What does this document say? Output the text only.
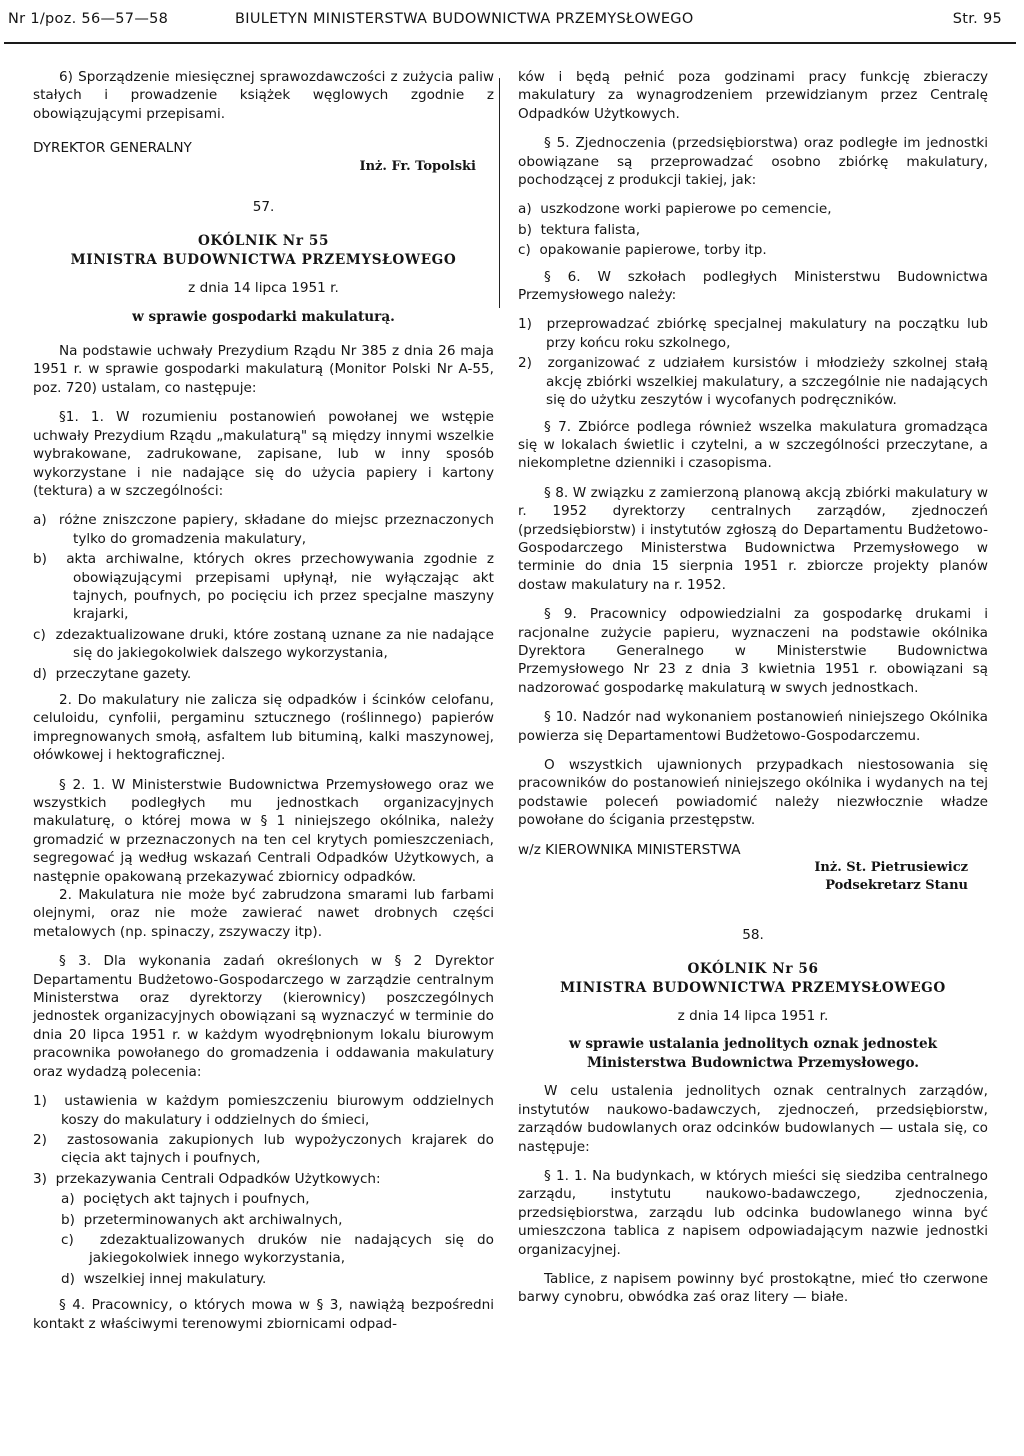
Nr 1/poz. 56—57—58	BIULETYN MINISTERSTWA BUDOWNICTWA PRZEMYSŁOWEGO	Str. 95

6) Sporządzenie miesięcznej sprawozdawczości z zużycia paliw stałych i prowadzenie książek węglowych zgodnie z obowiązującymi przepisami.

DYREKTOR GENERALNY

Inż. Fr. Topolski

57.

OKÓLNIK Nr 55

MINISTRA BUDOWNICTWA PRZEMYSŁOWEGO

z dnia 14 lipca 1951 r.

w sprawie gospodarki makulaturą.

Na podstawie uchwały Prezydium Rządu Nr 385 z dnia 26 maja 1951 r. w sprawie gospodarki makulaturą (Monitor Polski Nr A-55, poz. 720) ustalam, co następuje:

§1. 1. W rozumieniu postanowień powołanej we wstępie uchwały Prezydium Rządu „makulaturą" są między innymi wszelkie wybrakowane, zadrukowane, zapisane, lub w inny sposób wykorzystane i nie nadające się do użycia papiery i kartony (tektura) a w szczególności:

a) różne zniszczone papiery, składane do miejsc przeznaczonych tylko do gromadzenia makulatury,

b) akta archiwalne, których okres przechowywania zgodnie z obowiązującymi przepisami upłynął, nie wyłączając akt tajnych, poufnych, po pocięciu ich przez specjalne maszyny krajarki,

c) zdezaktualizowane druki, które zostaną uznane za nie nadające się do jakiegokolwiek dalszego wykorzystania,

d) przeczytane gazety.

2. Do makulatury nie zalicza się odpadków i ścinków celofanu, celuloidu, cynfolii, pergaminu sztucznego (roślinnego) papierów impregnowanych smołą, asfaltem lub bituminą, kalki maszynowej, ołówkowej i hektograficznej.

§ 2. 1. W Ministerstwie Budownictwa Przemysłowego oraz we wszystkich podległych mu jednostkach organizacyjnych makulaturę, o której mowa w § 1 niniejszego okólnika, należy gromadzić w przeznaczonych na ten cel krytych pomieszczeniach, segregować ją według wskazań Centrali Odpadków Użytkowych, a następnie opakowaną przekazywać zbiornicy odpadków.

2. Makulatura nie może być zabrudzona smarami lub farbami olejnymi, oraz nie może zawierać nawet drobnych części metalowych (np. spinaczy, zszywaczy itp).

§ 3. Dla wykonania zadań określonych w § 2 Dyrektor Departamentu Budżetowo-Gospodarczego w zarządzie centralnym Ministerstwa oraz dyrektorzy (kierownicy) poszczególnych jednostek organizacyjnych obowiązani są wyznaczyć w terminie do dnia 20 lipca 1951 r. w każdym wyodrębnionym lokalu biurowym pracownika powołanego do gromadzenia i oddawania makulatury oraz wydadzą polecenia:

1) ustawienia w każdym pomieszczeniu biurowym oddzielnych koszy do makulatury i oddzielnych do śmieci,

2) zastosowania zakupionych lub wypożyczonych krajarek do cięcia akt tajnych i poufnych,

3) przekazywania Centrali Odpadków Użytkowych:

a) pociętych akt tajnych i poufnych,

b) przeterminowanych akt archiwalnych,

c) zdezaktualizowanych druków nie nadających się do jakiegokolwiek innego wykorzystania,

d) wszelkiej innej makulatury.

§ 4. Pracownicy, o których mowa w § 3, nawiążą bezpośredni kontakt z właściwymi terenowymi zbiornicami odpad-

ków i będą pełnić poza godzinami pracy funkcję zbieraczy makulatury za wynagrodzeniem przewidzianym przez Centralę Odpadków Użytkowych.

§ 5. Zjednoczenia (przedsiębiorstwa) oraz podległe im jednostki obowiązane są przeprowadzać osobno zbiórkę makulatury, pochodzącej z produkcji takiej, jak:

a) uszkodzone worki papierowe po cemencie,

b) tektura falista,

c) opakowanie papierowe, torby itp.

§ 6. W szkołach podległych Ministerstwu Budownictwa Przemysłowego należy:

1) przeprowadzać zbiórkę specjalnej makulatury na początku lub przy końcu roku szkolnego,

2) zorganizować z udziałem kursistów i młodzieży szkolnej stałą akcję zbiórki wszelkiej makulatury, a szczególnie nie nadających się do użytku zeszytów i wycofanych podręczników.

§ 7. Zbiórce podlega również wszelka makulatura gromadząca się w lokalach świetlic i czytelni, a w szczególności przeczytane, a niekompletne dzienniki i czasopisma.

§ 8. W związku z zamierzoną planową akcją zbiórki makulatury w r. 1952 dyrektorzy centralnych zarządów, zjednoczeń (przedsiębiorstw) i instytutów zgłoszą do Departamentu Budżetowo-Gospodarczego Ministerstwa Budownictwa Przemysłowego w terminie do dnia 15 sierpnia 1951 r. zbiorcze projekty planów dostaw makulatury na r. 1952.

§ 9. Pracownicy odpowiedzialni za gospodarkę drukami i racjonalne zużycie papieru, wyznaczeni na podstawie okólnika Dyrektora Generalnego w Ministerstwie Budownictwa Przemysłowego Nr 23 z dnia 3 kwietnia 1951 r. obowiązani są nadzorować gospodarkę makulaturą w swych jednostkach.

§ 10. Nadzór nad wykonaniem postanowień niniejszego Okólnika powierza się Departamentowi Budżetowo-Gospodarczemu.

O wszystkich ujawnionych przypadkach niestosowania się pracowników do postanowień niniejszego okólnika i wydanych na tej podstawie poleceń powiadomić należy niezwłocznie władze powołane do ścigania przestępstw.

w/z KIEROWNIKA MINISTERSTWA

Inż. St. Pietrusiewicz

Podsekretarz Stanu

58.

OKÓLNIK Nr 56

MINISTRA BUDOWNICTWA PRZEMYSŁOWEGO

z dnia 14 lipca 1951 r.

w sprawie ustalania jednolitych oznak jednostek Ministerstwa Budownictwa Przemysłowego.

W celu ustalenia jednolitych oznak centralnych zarządów, instytutów naukowo-badawczych, zjednoczeń, przedsiębiorstw, zarządów budowlanych oraz odcinków budowlanych — ustala się, co następuje:

§ 1. 1. Na budynkach, w których mieści się siedziba centralnego zarządu, instytutu naukowo-badawczego, zjednoczenia, przedsiębiorstwa, zarządu lub odcinka budowlanego winna być umieszczona tablica z napisem odpowiadającym nazwie jednostki organizacyjnej.

Tablice, z napisem powinny być prostokątne, mieć tło czerwone barwy cynobru, obwódka zaś oraz litery — białe.
